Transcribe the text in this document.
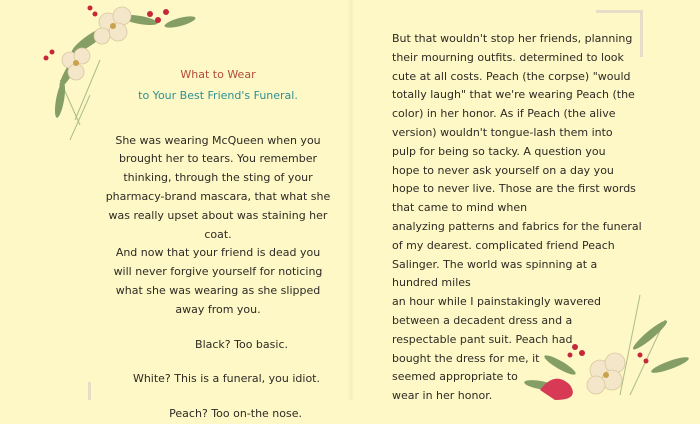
What to Wear
to Your Best Friend's Funeral.
She was wearing McQueen when you
brought her to tears. You remember
thinking, through the sting of your
pharmacy-brand mascara, that what she
was really upset about was staining her
coat.
And now that your friend is dead you
will never forgive yourself for noticing
what she was wearing as she slipped
away from you.
Black? Too basic.
White? This is a funeral, you idiot.
Peach? Too on-the nose.
But that wouldn't stop her friends, planning
their mourning outfits. determined to look
cute at all costs. Peach (the corpse) "would
totally laugh" that we're wearing Peach (the
color) in her honor. As if Peach (the alive
version) wouldn't tongue-lash them into
pulp for being so tacky. A question you
hope to never ask yourself on a day you
hope to never live. Those are the first words
that came to mind when
analyzing patterns and fabrics for the funeral
of my dearest. complicated friend Peach
Salinger. The world was spinning at a
hundred miles
an hour while I painstakingly wavered
between a decadent dress and a
respectable pant suit. Peach had
bought the dress for me, it
seemed appropriate to
wear in her honor.
